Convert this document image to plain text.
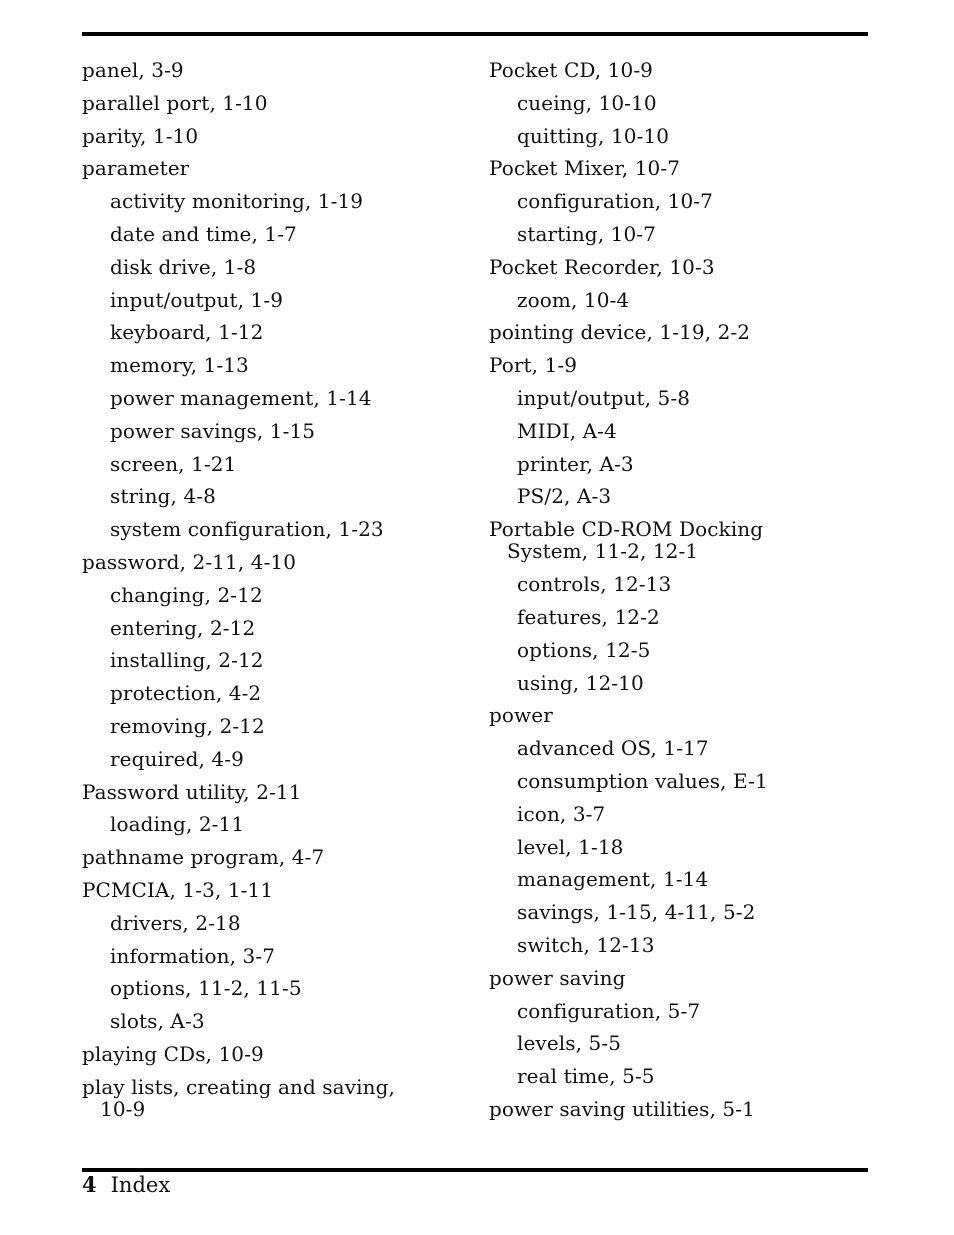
panel, 3-9
parallel port, 1-10
parity, 1-10
parameter
activity monitoring, 1-19
date and time, 1-7
disk drive, 1-8
input/output, 1-9
keyboard, 1-12
memory, 1-13
power management, 1-14
power savings, 1-15
screen, 1-21
string, 4-8
system configuration, 1-23
password, 2-11, 4-10
changing, 2-12
entering, 2-12
installing, 2-12
protection, 4-2
removing, 2-12
required, 4-9
Password utility, 2-11
loading, 2-11
pathname program, 4-7
PCMCIA, 1-3, 1-11
drivers, 2-18
information, 3-7
options, 11-2, 11-5
slots, A-3
playing CDs, 10-9
play lists, creating and saving,
10-9
Pocket CD, 10-9
cueing, 10-10
quitting, 10-10
Pocket Mixer, 10-7
configuration, 10-7
starting, 10-7
Pocket Recorder, 10-3
zoom, 10-4
pointing device, 1-19, 2-2
Port, 1-9
input/output, 5-8
MIDI, A-4
printer, A-3
PS/2, A-3
Portable CD-ROM Docking
System, 11-2, 12-1
controls, 12-13
features, 12-2
options, 12-5
using, 12-10
power
advanced OS, 1-17
consumption values, E-1
icon, 3-7
level, 1-18
management, 1-14
savings, 1-15, 4-11, 5-2
switch, 12-13
power saving
configuration, 5-7
levels, 5-5
real time, 5-5
power saving utilities, 5-1
4 Index
